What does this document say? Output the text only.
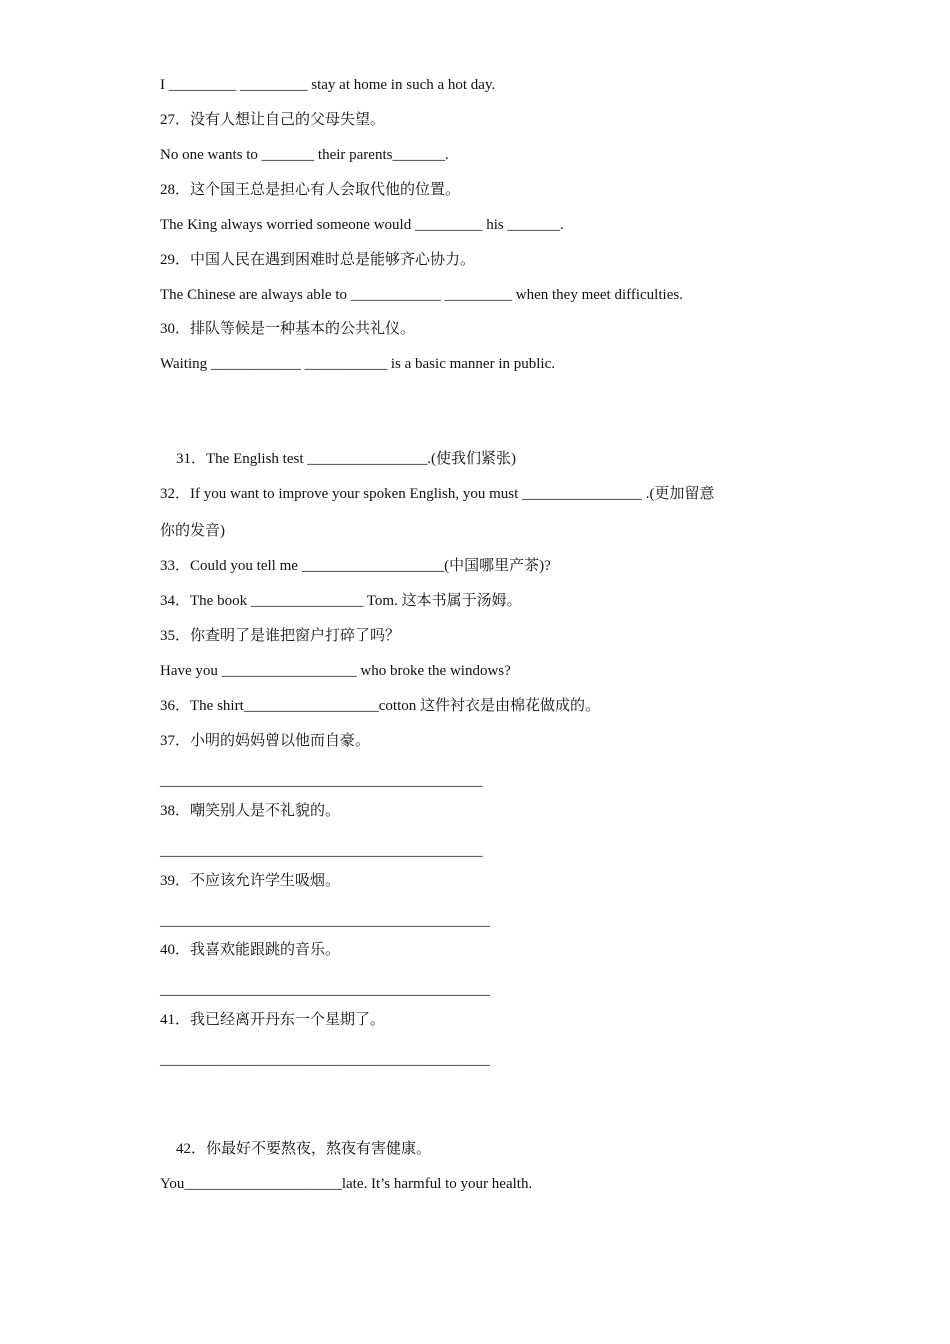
I _________ _________ stay at home in such a hot day.
27．没有人想让自己的父母失望。
No one wants to _______ their parents_______.
28．这个国王总是担心有人会取代他的位置。
The King always worried someone would _________ his _______.
29．中国人民在遇到困难时总是能够齐心协力。
The Chinese are always able to ____________ _________ when they meet difficulties.
30．排队等候是一种基本的公共礼仪。
Waiting ____________ ___________ is a basic manner in public.
31．The English test ________________.(使我们紧张)
32．If you want to improve your spoken English, you must ________________ .(更加留意
你的发音)
33．Could you tell me ___________________(中国哪里产茶)?
34．The book _______________ Tom. 这本书属于汤姆。
35．你查明了是谁把窗户打碎了吗？
Have you __________________ who broke the windows?
36．The shirt__________________cotton 这件衬衣是由棉花做成的。
37．小明的妈妈曾以他而自豪。
___________________________________________
38．嘲笑别人是不礼貌的。
___________________________________________
39．不应该允许学生吸烟。
____________________________________________
40．我喜欢能跟跳的音乐。
____________________________________________
41．我已经离开丹东一个星期了。
____________________________________________
42．你最好不要熬夜，熬夜有害健康。
You_____________________late. It’s harmful to your health.
